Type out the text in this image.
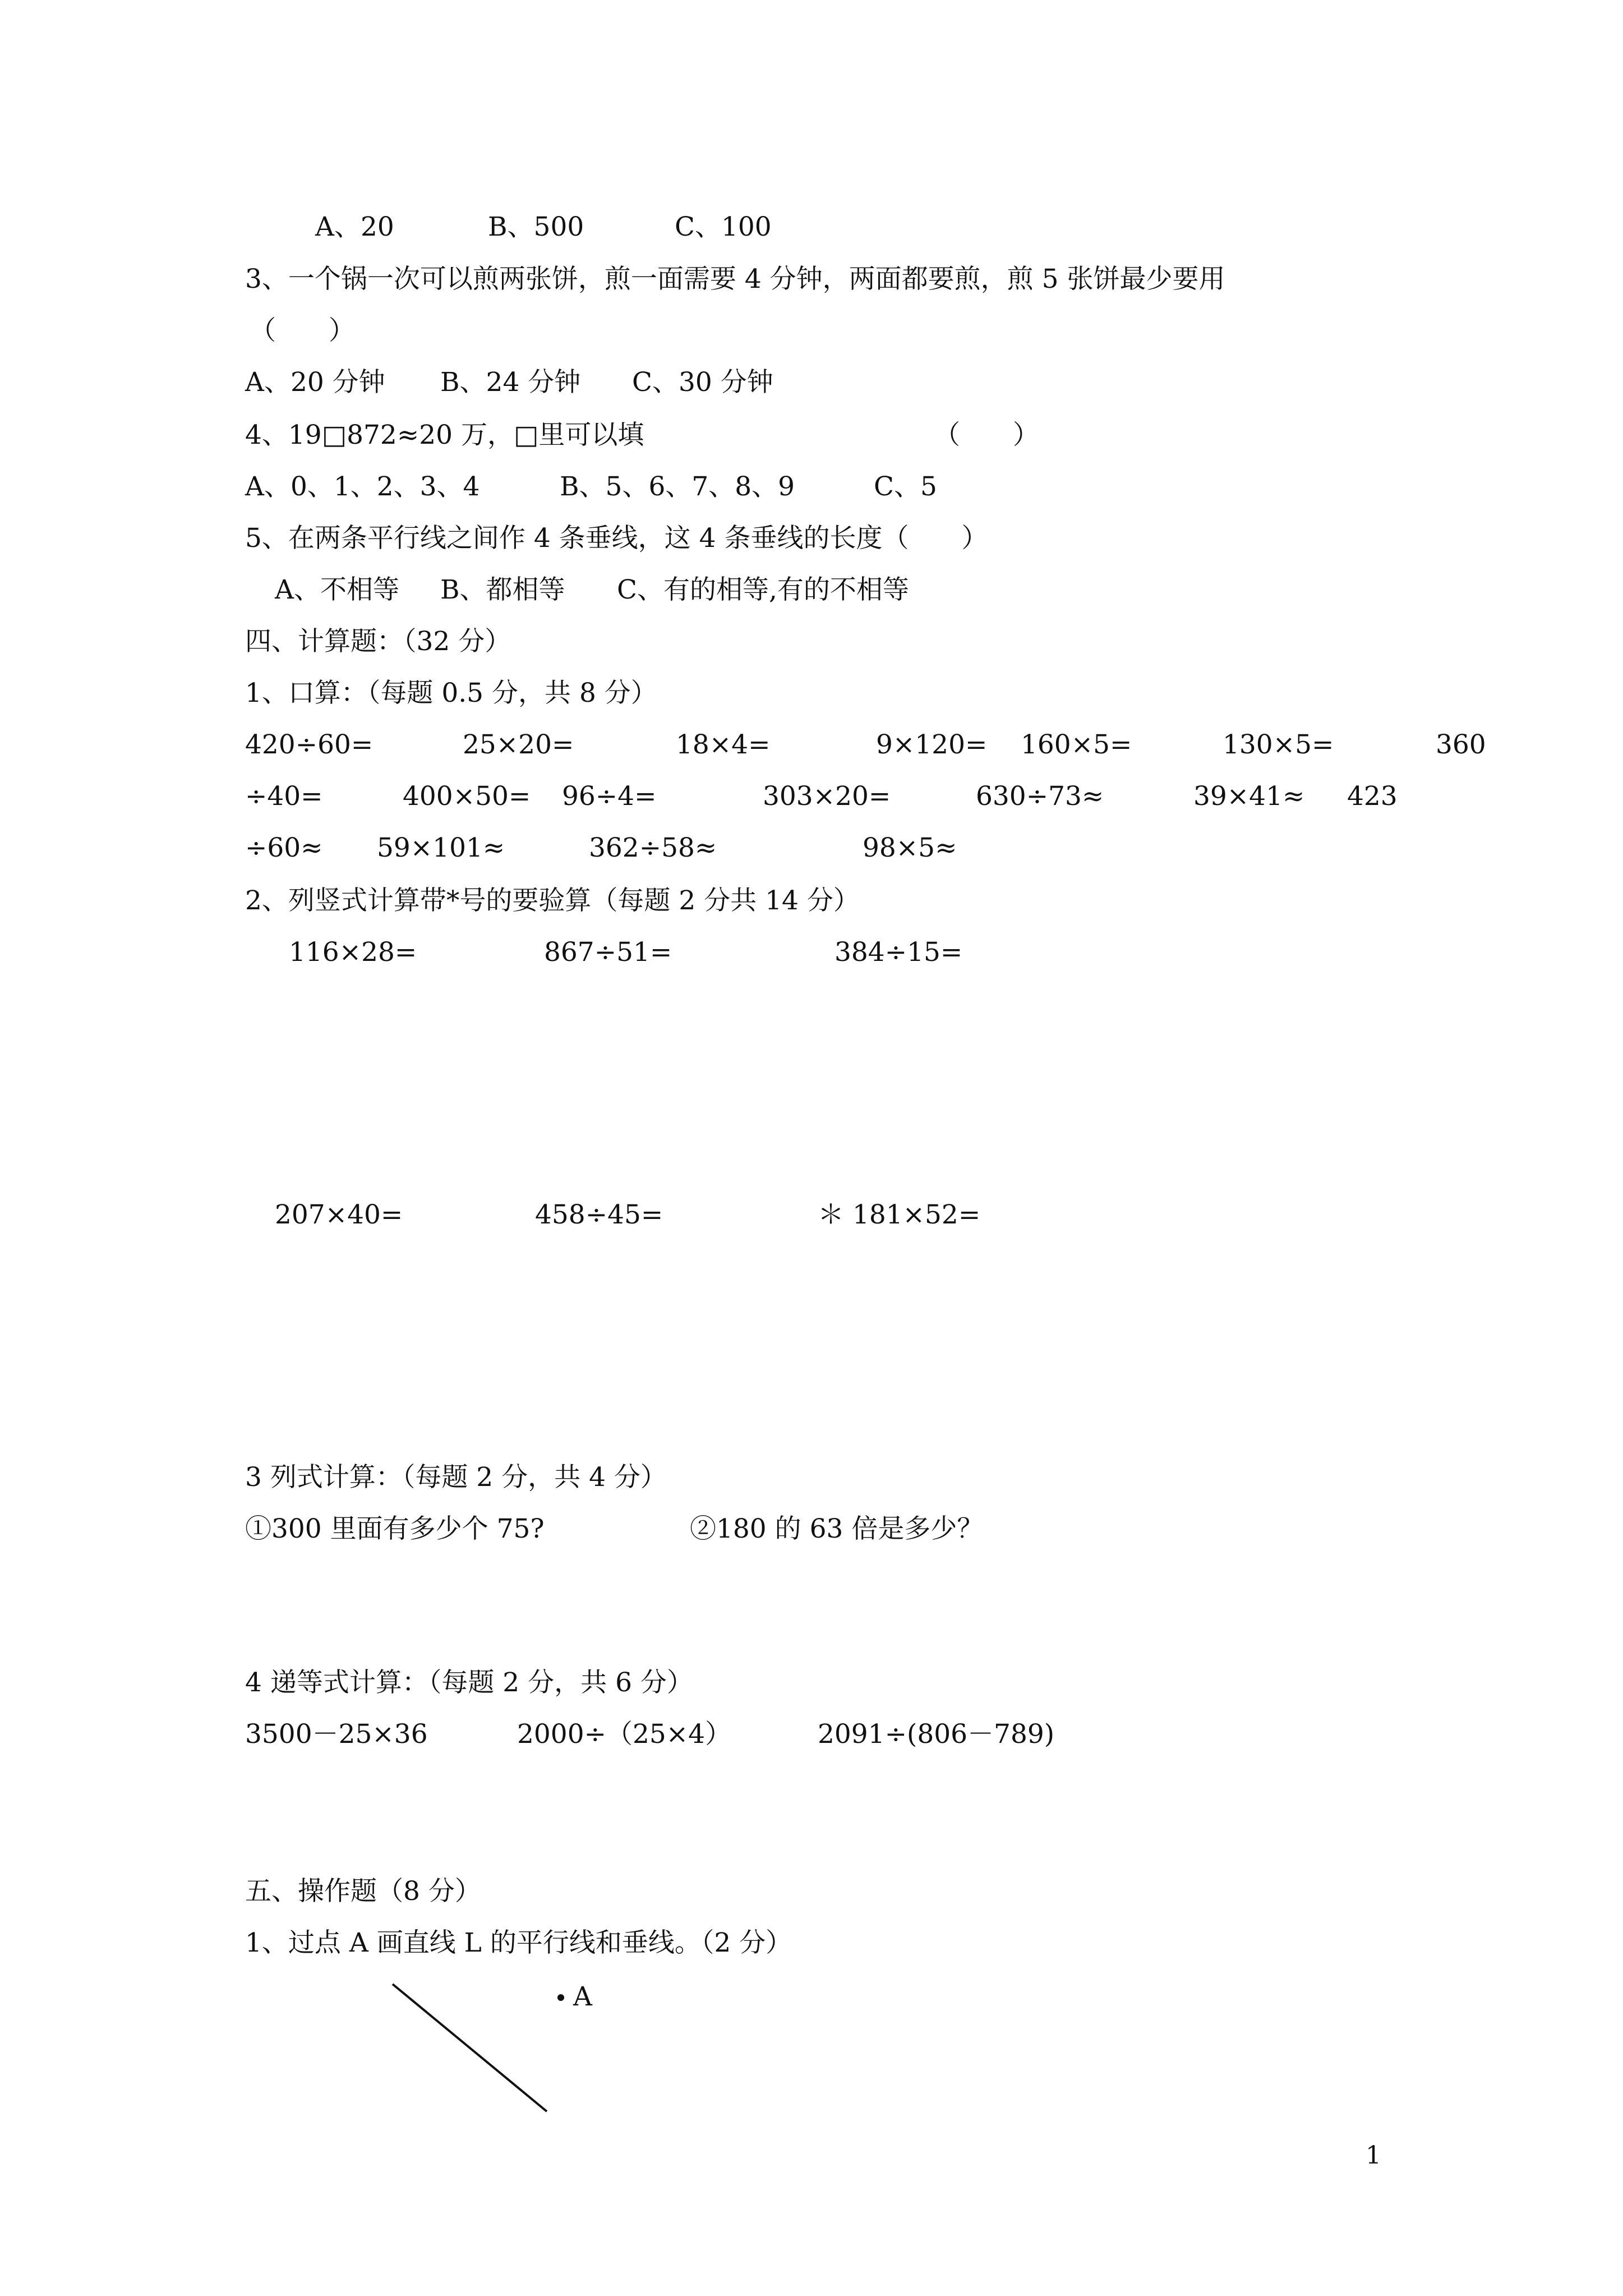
A、20	B、500	C、100
3、一个锅一次可以煎两张饼，煎一面需要 4 分钟，两面都要煎，煎 5 张饼最少要用
（　　）
A、20 分钟 B、24 分钟 C、30 分钟
4、19□872≈20 万，□里可以填	（　　）
A、0、1、2、3、4	B、5、6、7、8、9	C、5
5、在两条平行线之间作 4 条垂线，这 4 条垂线的长度（　　）
A、不相等 B、都相等 C、有的相等,有的不相等
四、计算题：（32 分）
1、口算：（每题 0.5 分，共 8 分）
420÷60=	25×20=	18×4=	9×120= 160×5=	130×5=	360
÷40=	400×50= 96÷4=	303×20=	630÷73≈	39×41≈ 423
÷60≈ 59×101≈	362÷58≈	98×5≈
2、列竖式计算带*号的要验算（每题 2 分共 14 分）
116×28=	867÷51=	384÷15=
207×40=	458÷45=	＊ 181×52=
3 列式计算：（每题 2 分，共 4 分）
①300 里面有多少个 75?	②180 的 63 倍是多少？
4 递等式计算：（每题 2 分，共 6 分）
3500－25×36	2000÷（25×4）	2091÷(806－789)
五、操作题（8 分）
1、过点 A 画直线 L 的平行线和垂线。（2 分）
A
1
